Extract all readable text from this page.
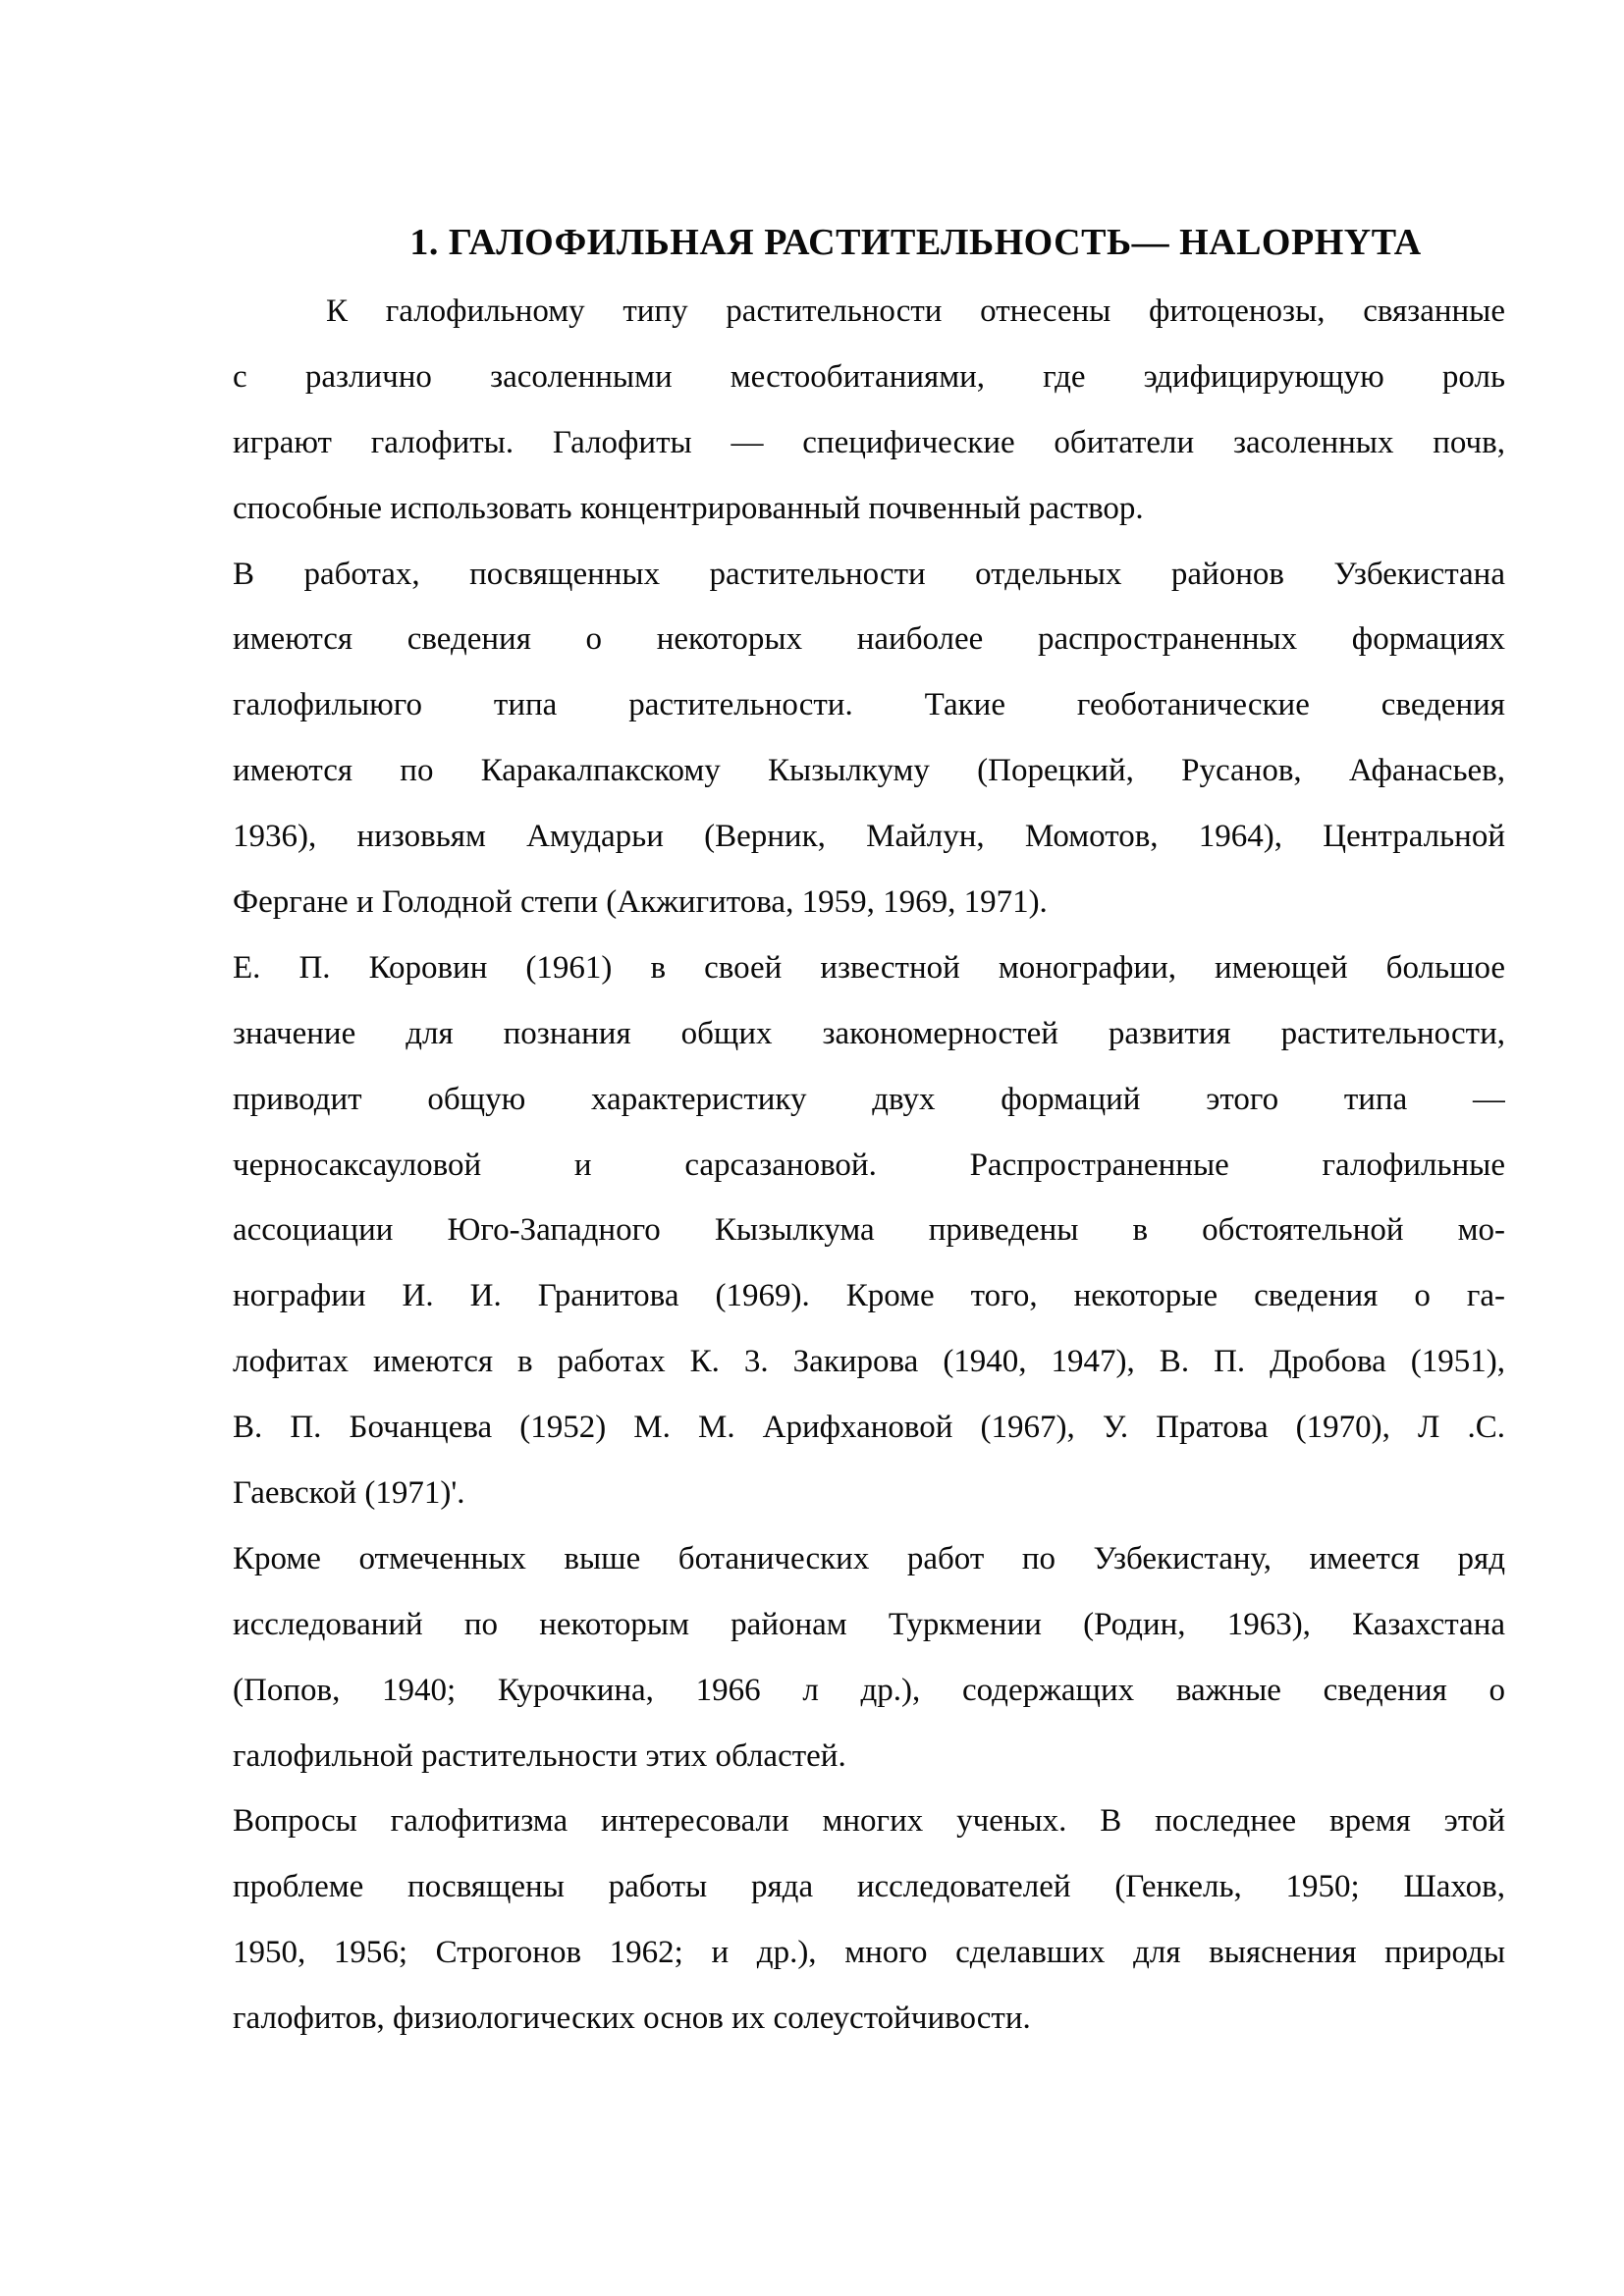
1. ГАЛОФИЛЬНАЯ РАСТИТЕЛЬНОСТЬ— HALOPHYTA
К галофильному типу растительности отнесены фитоценозы, связанные
с различно засоленными местообитаниями, где эдифицирующую роль
играют галофиты. Галофиты — специфические обитатели засоленных почв,
способные использовать концентрированный почвенный раствор.
В работах, посвященных растительности отдельных районов Узбекистана
имеются сведения о некоторых наиболее распространенных формациях
галофилыюго типа растительности. Такие геоботанические сведения
имеются по Каракалпакскому Кызылкуму (Порецкий, Русанов, Афанасьев,
1936), низовьям Амударьи (Верник, Майлун, Момотов, 1964), Центральной
Фергане и Голодной степи (Акжигитова, 1959, 1969, 1971).
Е. П. Коровин (1961) в своей известной монографии, имеющей большое
значение для познания общих закономерностей развития растительности,
приводит общую характеристику двух формаций этого типа —
черносаксауловой и сарсазановой. Распространенные галофильные
ассоциации Юго-Западного Кызылкума приведены в обстоятельной мо-
нографии И. И. Гранитова (1969). Кроме того, некоторые сведения о га-
лофитах имеются в работах К. 3. Закирова (1940, 1947), В. П. Дробова (1951),
В. П. Бочанцева (1952) М. М. Арифхановой (1967), У. Пратова (1970), Л .С.
Гаевской (1971)'.
Кроме отмеченных выше ботанических работ по Узбекистану, имеется ряд
исследований по некоторым районам Туркмении (Родин, 1963), Казахстана
(Попов, 1940; Курочкина, 1966 л др.), содержащих важные сведения о
галофильной растительности этих областей.
Вопросы галофитизма интересовали многих ученых. В последнее время этой
проблеме посвящены работы ряда исследователей (Генкель, 1950; Шахов,
1950, 1956; Строгонов 1962; и др.), много сделавших для выяснения природы
галофитов, физиологических основ их солеустойчивости.
